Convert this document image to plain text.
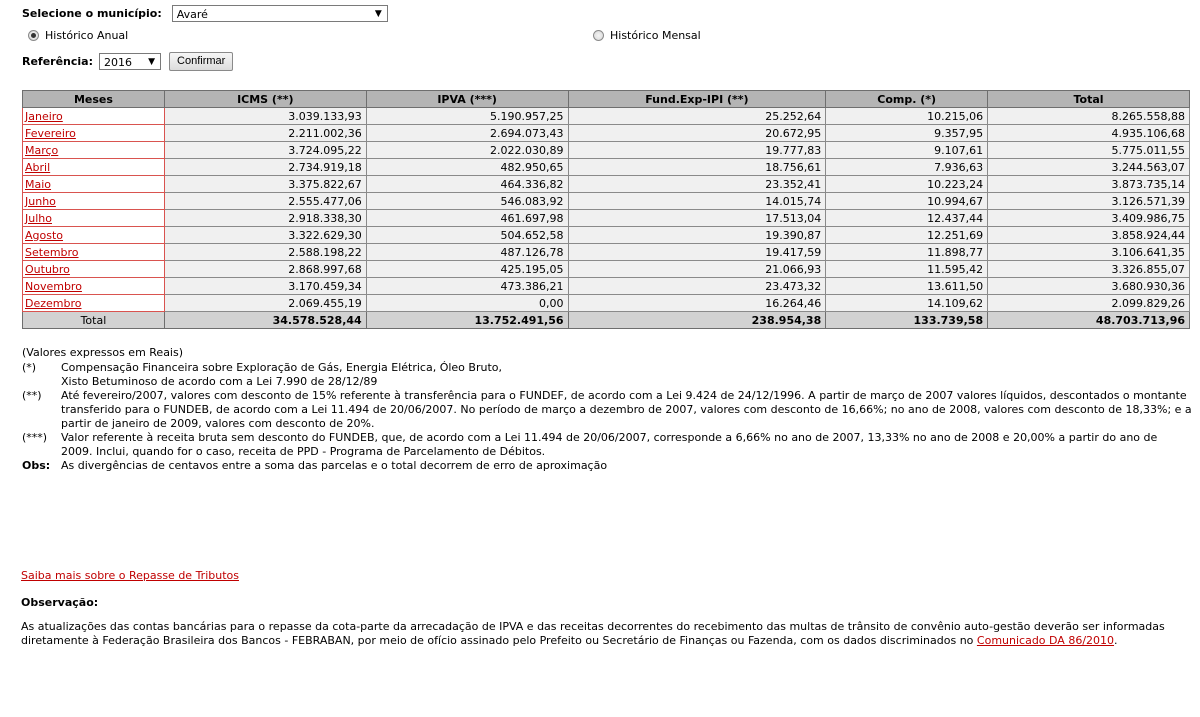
Selecione o município:	Avaré	▼
Histórico Anual	Histórico Mensal
Referência:	2016 ▼	Confirmar
Meses	ICMS (**)	IPVA (***)	Fund.Exp-IPI (**)	Comp. (*)	Total
Janeiro	3.039.133,93	5.190.957,25	25.252,64	10.215,06	8.265.558,88
Fevereiro	2.211.002,36	2.694.073,43	20.672,95	9.357,95	4.935.106,68
Março	3.724.095,22	2.022.030,89	19.777,83	9.107,61	5.775.011,55
Abril	2.734.919,18	482.950,65	18.756,61	7.936,63	3.244.563,07
Maio	3.375.822,67	464.336,82	23.352,41	10.223,24	3.873.735,14
Junho	2.555.477,06	546.083,92	14.015,74	10.994,67	3.126.571,39
Julho	2.918.338,30	461.697,98	17.513,04	12.437,44	3.409.986,75
Agosto	3.322.629,30	504.652,58	19.390,87	12.251,69	3.858.924,44
Setembro	2.588.198,22	487.126,78	19.417,59	11.898,77	3.106.641,35
Outubro	2.868.997,68	425.195,05	21.066,93	11.595,42	3.326.855,07
Novembro	3.170.459,34	473.386,21	23.473,32	13.611,50	3.680.930,36
Dezembro	2.069.455,19	0,00	16.264,46	14.109,62	2.099.829,26
Total	34.578.528,44	13.752.491,56	238.954,38	133.739,58	48.703.713,96
(Valores expressos em Reais)
(*)	Compensação Financeira sobre Exploração de Gás, Energia Elétrica, Óleo Bruto,
Xisto Betuminoso de acordo com a Lei 7.990 de 28/12/89
(**)	Até fevereiro/2007, valores com desconto de 15% referente à transferência para o FUNDEF, de acordo com a Lei 9.424 de 24/12/1996. A partir de março de 2007 valores líquidos, descontados o montante transferido para o FUNDEB, de acordo com a Lei 11.494 de 20/06/2007. No período de março a dezembro de 2007, valores com desconto de 16,66%; no ano de 2008, valores com desconto de 18,33%; e a partir de janeiro de 2009, valores com desconto de 20%.
(***)	Valor referente à receita bruta sem desconto do FUNDEB, que, de acordo com a Lei 11.494 de 20/06/2007, corresponde a 6,66% no ano de 2007, 13,33% no ano de 2008 e 20,00% a partir do ano de 2009. Inclui, quando for o caso, receita de PPD - Programa de Parcelamento de Débitos.
Obs: As divergências de centavos entre a soma das parcelas e o total decorrem de erro de aproximação
Saiba mais sobre o Repasse de Tributos
Observação:
As atualizações das contas bancárias para o repasse da cota-parte da arrecadação de IPVA e das receitas decorrentes do recebimento das multas de trânsito de convênio auto-gestão deverão ser informadas diretamente à Federação Brasileira dos Bancos - FEBRABAN, por meio de ofício assinado pelo Prefeito ou Secretário de Finanças ou Fazenda, com os dados discriminados no Comunicado DA 86/2010.
